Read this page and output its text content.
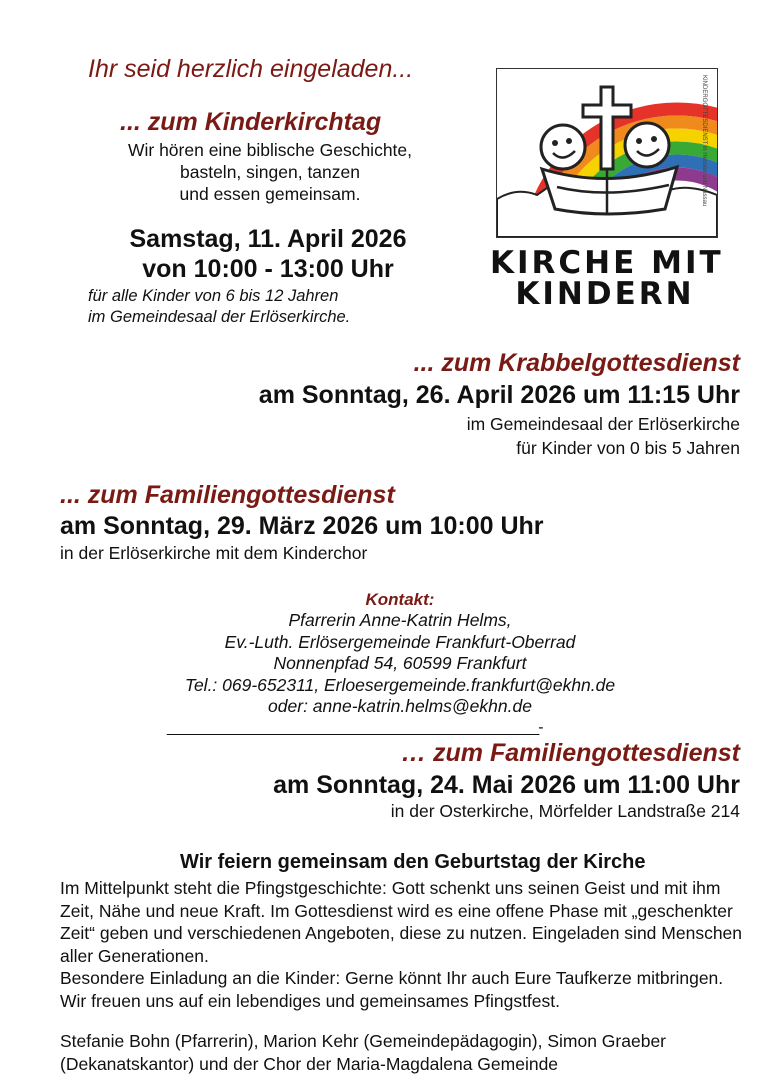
Ihr seid herzlich eingeladen...
... zum Kinderkirchtag
Wir hören eine biblische Geschichte,
basteln, singen, tanzen
und essen gemeinsam.
Samstag, 11. April 2026
von 10:00 - 13:00 Uhr
für alle Kinder von 6 bis 12 Jahren
im Gemeindesaal der Erlöserkirche.
KINDERGOTTESDIENST in Hessen und Nassau
KIRCHE MIT
KINDERN
... zum Krabbelgottesdienst
am Sonntag, 26. April 2026 um 11:15 Uhr
im Gemeindesaal der Erlöserkirche
für Kinder von 0 bis 5 Jahren
... zum Familiengottesdienst
am Sonntag, 29. März 2026 um 10:00 Uhr
in der Erlöserkirche mit dem Kinderchor
Kontakt:
Pfarrerin Anne-Katrin Helms,
Ev.-Luth. Erlösergemeinde Frankfurt-Oberrad
Nonnenpfad 54, 60599 Frankfurt
Tel.: 069-652311, Erloesergemeinde.frankfurt@ekhn.de
oder: anne-katrin.helms@ekhn.de
_______________________________________________-
… zum Familiengottesdienst
am Sonntag, 24. Mai 2026 um 11:00 Uhr
in der Osterkirche, Mörfelder Landstraße 214
Wir feiern gemeinsam den Geburtstag der Kirche
Im Mittelpunkt steht die Pfingstgeschichte: Gott schenkt uns seinen Geist und mit ihm Zeit, Nähe und neue Kraft. Im Gottesdienst wird es eine offene Phase mit „geschenkter Zeit“ geben und verschiedenen Angeboten, diese zu nutzen. Eingeladen sind Menschen aller Generationen.
Besondere Einladung an die Kinder: Gerne könnt Ihr auch Eure Taufkerze mitbringen. Wir freuen uns auf ein lebendiges und gemeinsames Pfingstfest.
Stefanie Bohn (Pfarrerin), Marion Kehr (Gemeindepädagogin), Simon Graeber (Dekanatskantor) und der Chor der Maria-Magdalena Gemeinde
